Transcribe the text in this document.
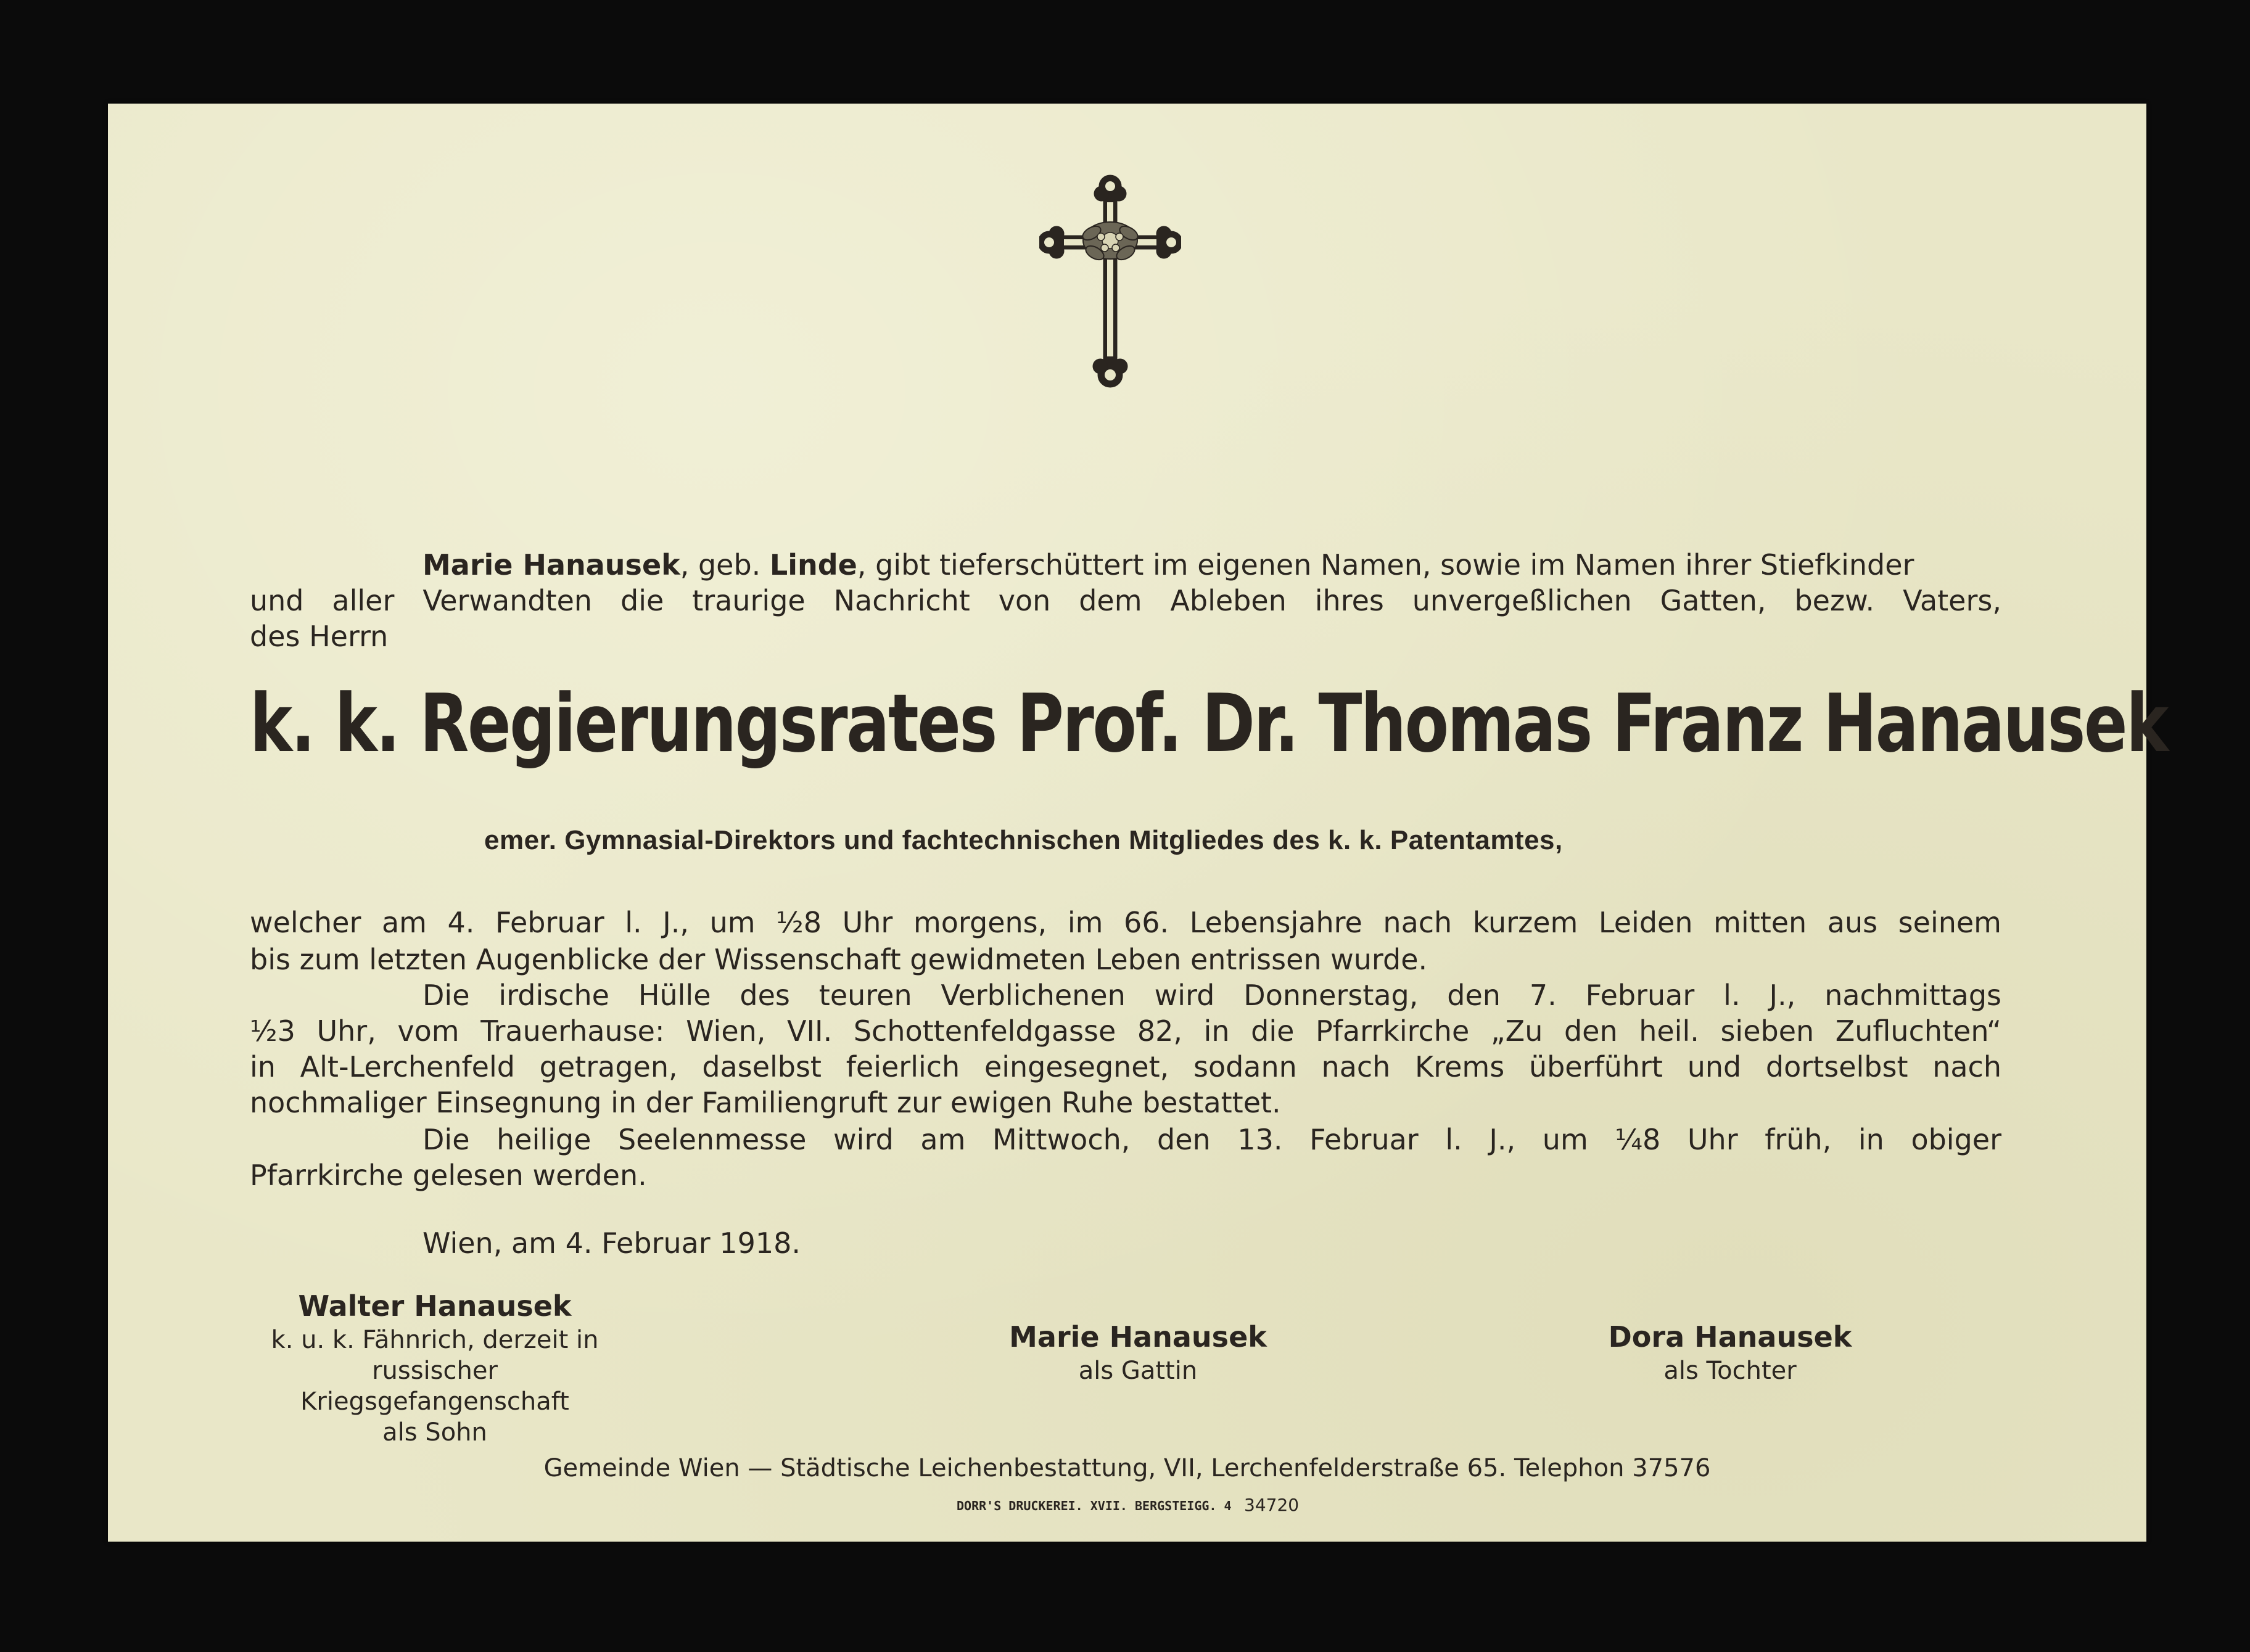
Marie Hanausek, geb. Linde, gibt tieferschüttert im eigenen Namen, sowie im Namen ihrer Stiefkinder

und aller Verwandten die traurige Nachricht von dem Ableben ihres unvergeßlichen Gatten, bezw. Vaters,

des Herrn

k. k. Regierungsrates Prof. Dr. Thomas Franz Hanausek

emer. Gymnasial-Direktors und fachtechnischen Mitgliedes des k. k. Patentamtes,

welcher am 4. Februar l. J., um ½8 Uhr morgens, im 66. Lebensjahre nach kurzem Leiden mitten aus seinem

bis zum letzten Augenblicke der Wissenschaft gewidmeten Leben entrissen wurde.

Die irdische Hülle des teuren Verblichenen wird Donnerstag, den 7. Februar l. J., nachmittags

½3 Uhr, vom Trauerhause: Wien, VII. Schottenfeldgasse 82, in die Pfarrkirche „Zu den heil. sieben Zufluchten“

in Alt-Lerchenfeld getragen, daselbst feierlich eingesegnet, sodann nach Krems überführt und dortselbst nach

nochmaliger Einsegnung in der Familiengruft zur ewigen Ruhe bestattet.

Die heilige Seelenmesse wird am Mittwoch, den 13. Februar l. J., um ¼8 Uhr früh, in obiger

Pfarrkirche gelesen werden.

Wien, am 4. Februar 1918.

Walter Hanausek
k. u. k. Fähnrich, derzeit in russischer
Kriegsgefangenschaft
als Sohn
Marie Hanausek
als Gattin
Dora Hanausek
als Tochter

Gemeinde Wien — Städtische Leichenbestattung, VII, Lerchenfelderstraße 65. Telephon 37576

DORR'S DRUCKEREI. XVII. BERGSTEIGG. 4 34720
